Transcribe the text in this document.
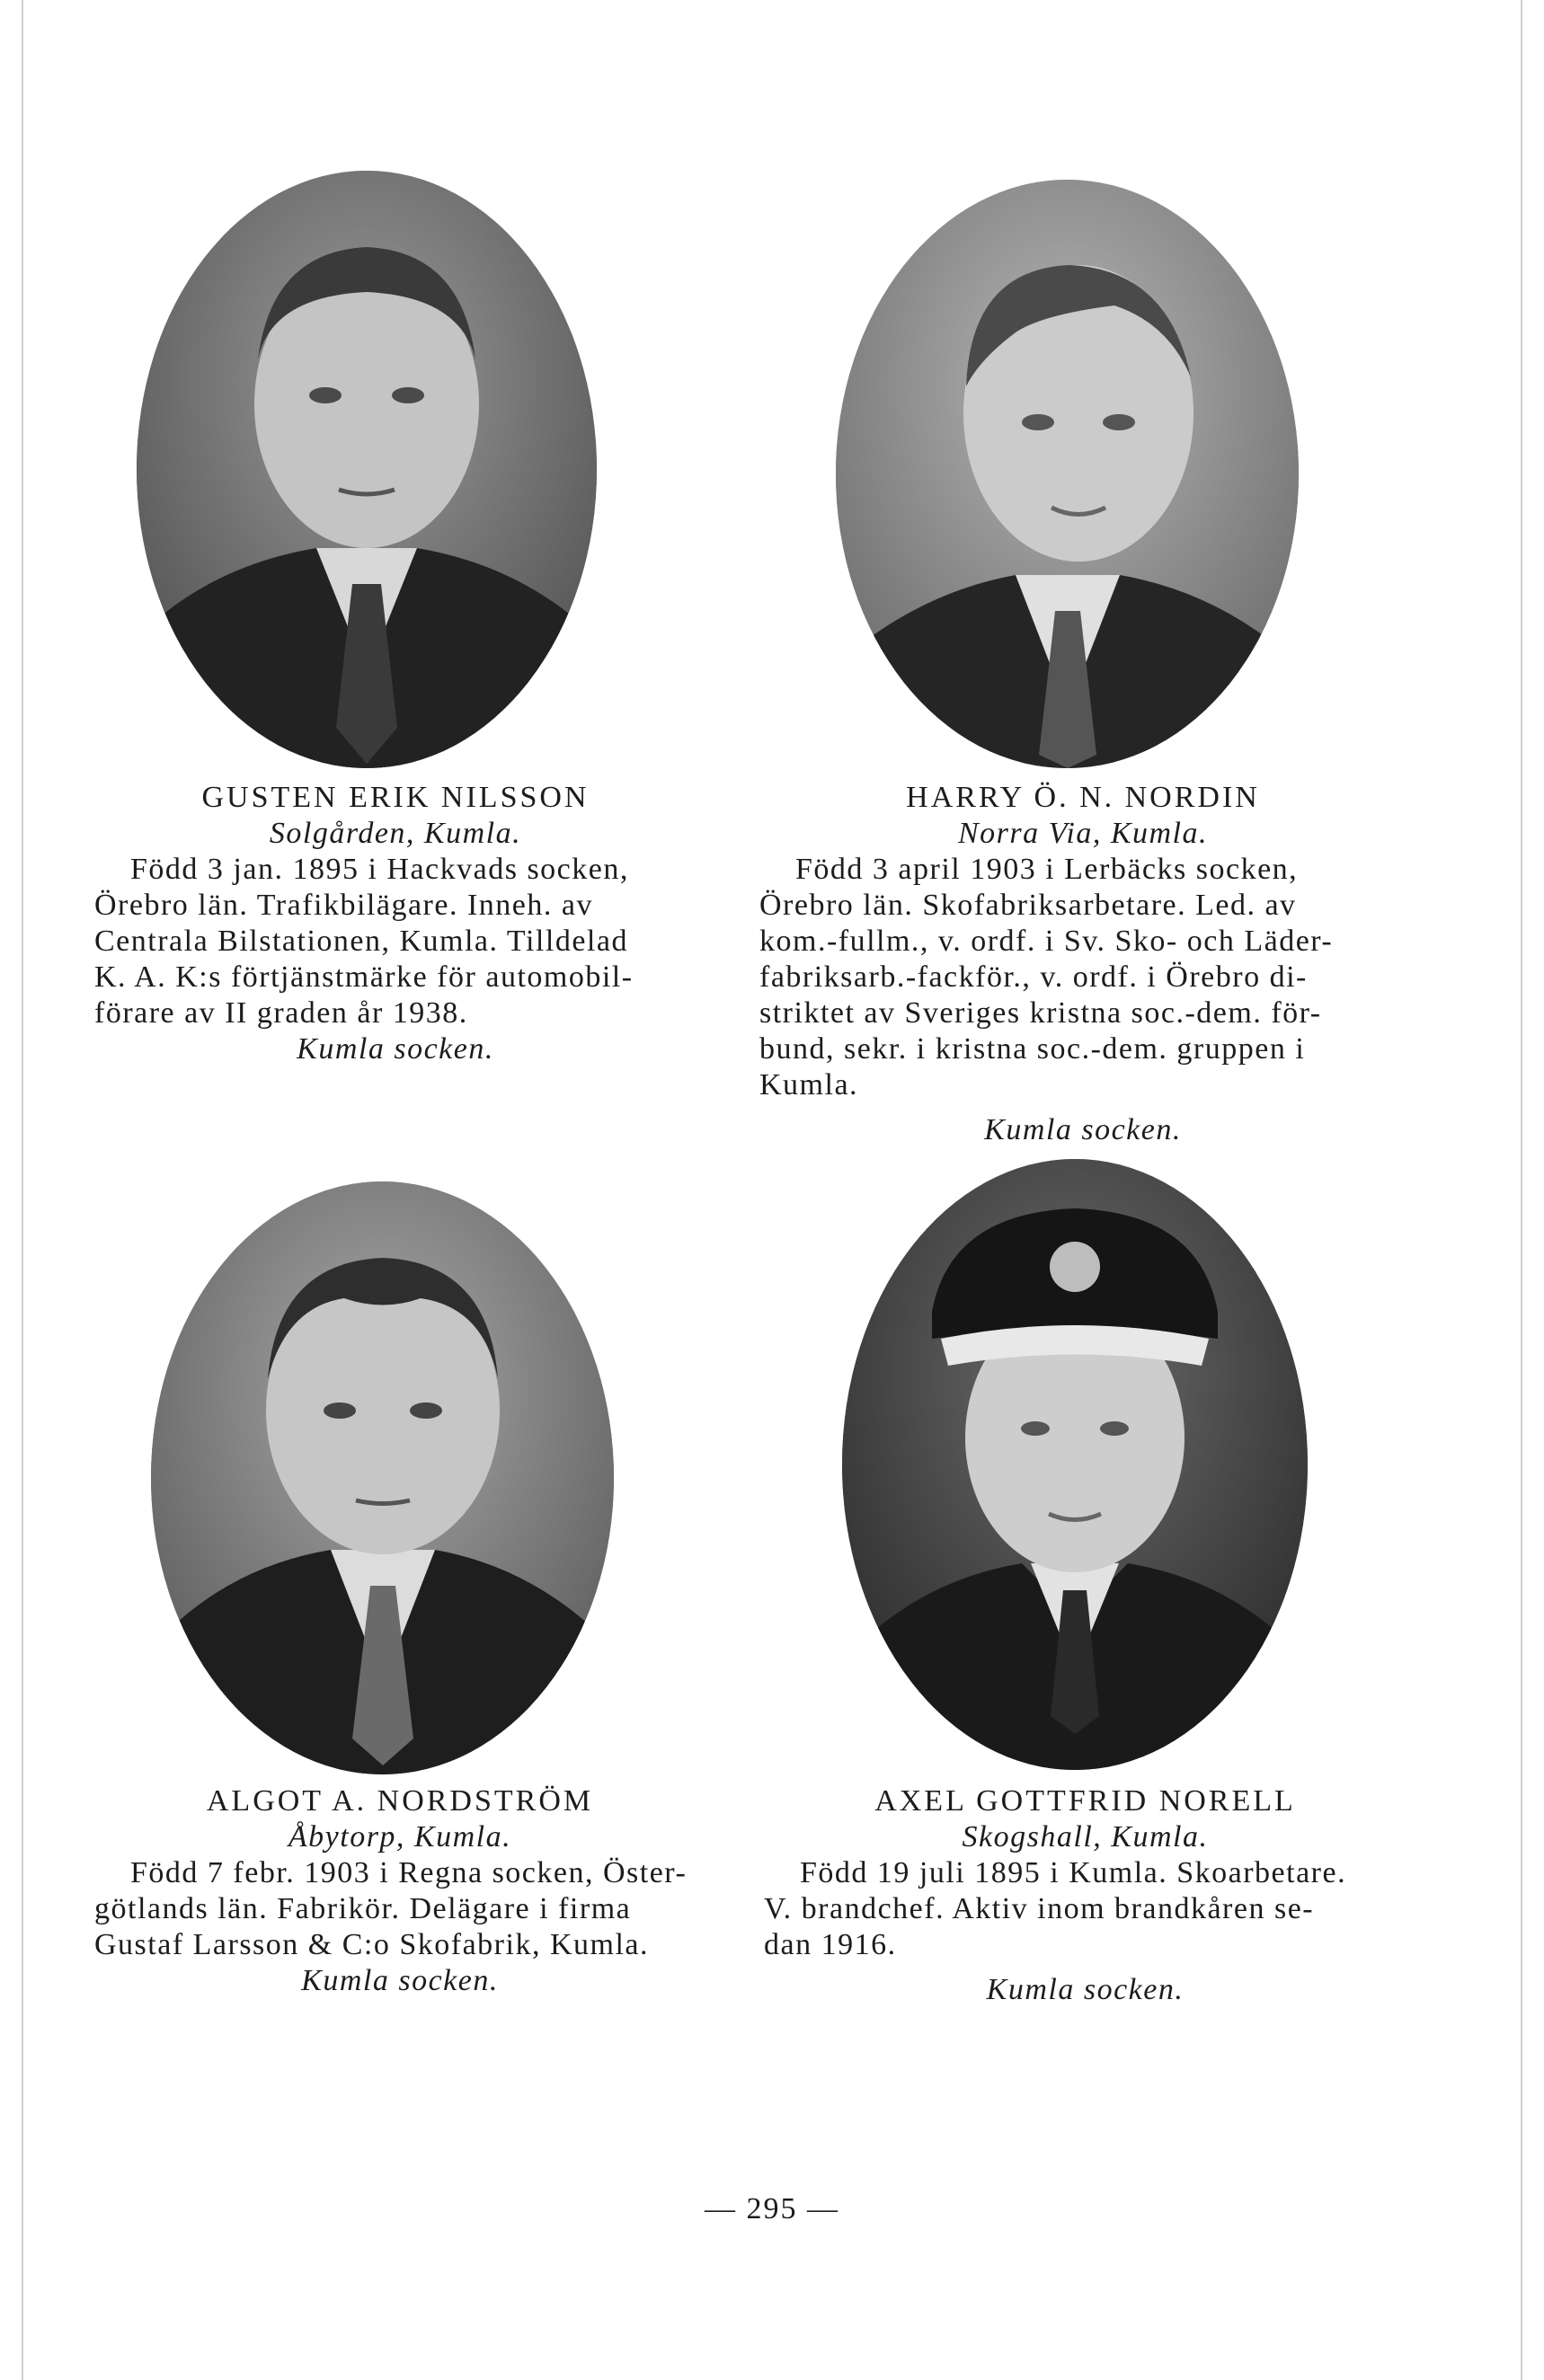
GUSTEN ERIK NILSSON
Solgården, Kumla.
Född 3 jan. 1895 i Hackvads socken,
Örebro län. Trafikbilägare. Inneh. av
Centrala Bilstationen, Kumla. Tilldelad
K. A. K:s förtjänstmärke för automobil-
förare av II graden år 1938.
Kumla socken.
HARRY Ö. N. NORDIN
Norra Via, Kumla.
Född 3 april 1903 i Lerbäcks socken,
Örebro län. Skofabriksarbetare. Led. av
kom.-fullm., v. ordf. i Sv. Sko- och Läder-
fabriksarb.-fackför., v. ordf. i Örebro di-
striktet av Sveriges kristna soc.-dem. för-
bund, sekr. i kristna soc.-dem. gruppen i
Kumla.
Kumla socken.
ALGOT A. NORDSTRÖM
Åbytorp, Kumla.
Född 7 febr. 1903 i Regna socken, Öster-
götlands län. Fabrikör. Delägare i firma
Gustaf Larsson & C:o Skofabrik, Kumla.
Kumla socken.
AXEL GOTTFRID NORELL
Skogshall, Kumla.
Född 19 juli 1895 i Kumla. Skoarbetare.
V. brandchef. Aktiv inom brandkåren se-
dan 1916.
Kumla socken.
— 295 —
